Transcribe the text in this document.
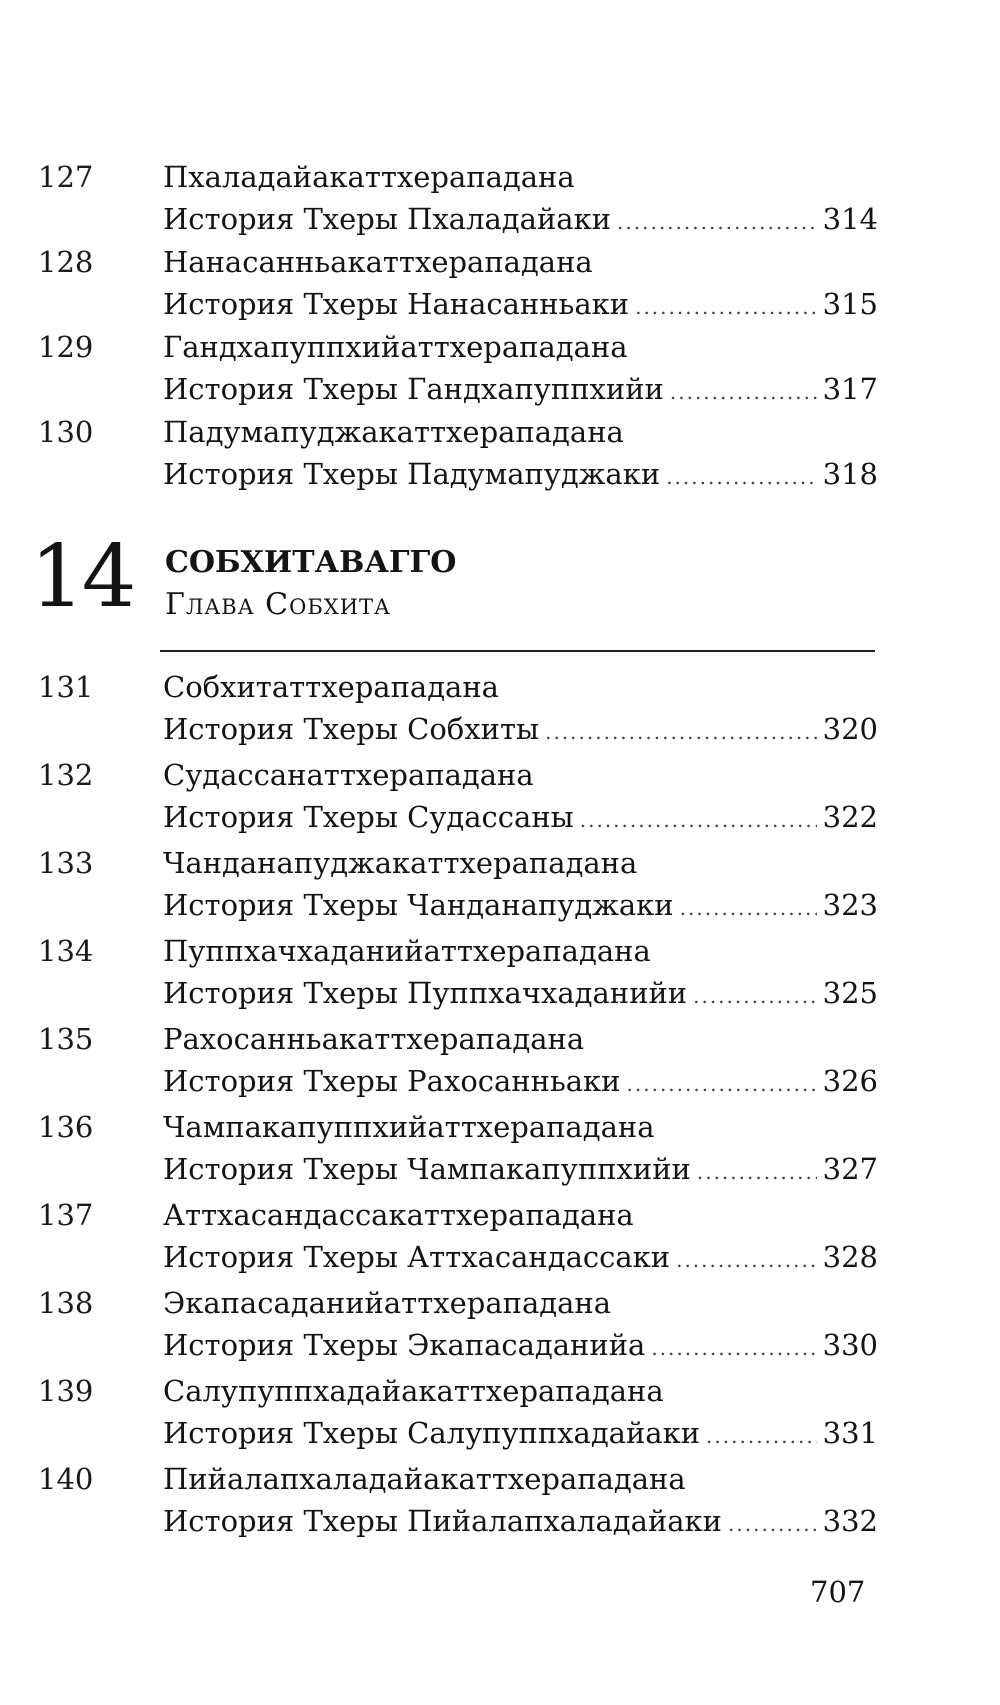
127 Пхаладайакаттхерападана
История Тхеры Пхаладайаки .....	314
128 Нанасанньакаттхерападана
История Тхеры Нанасанньаки .....	315
129 Гандхапуппхийаттхерападана
История Тхеры Гандхапуппхийи .....	317
130 Падумапуджакаттхерападана
История Тхеры Падумапуджаки .....	318
14 СОБХИТАВАГГО
Глава Собхита
131 Собхитаттхерападана
История Тхеры Собхиты .....	320
132 Судассанаттхерападана
История Тхеры Судассаны .....	322
133 Чанданапуджакаттхерападана
История Тхеры Чанданапуджаки .....	323
134 Пуппхачхаданийаттхерападана
История Тхеры Пуппхачхаданийи .....	325
135 Рахосанньакаттхерападана
История Тхеры Рахосанньаки .....	326
136 Чампакапуппхийаттхерападана
История Тхеры Чампакапуппхийи .....	327
137 Аттхасандассакаттхерападана
История Тхеры Аттхасандассаки .....	328
138 Экапасаданийаттхерападана
История Тхеры Экапасаданийа .....	330
139 Салупуппхадайакаттхерападана
История Тхеры Салупуппхадайаки .....	331
140 Пийалапхаладайакаттхерападана
История Тхеры Пийалапхаладайаки .....	332
707
